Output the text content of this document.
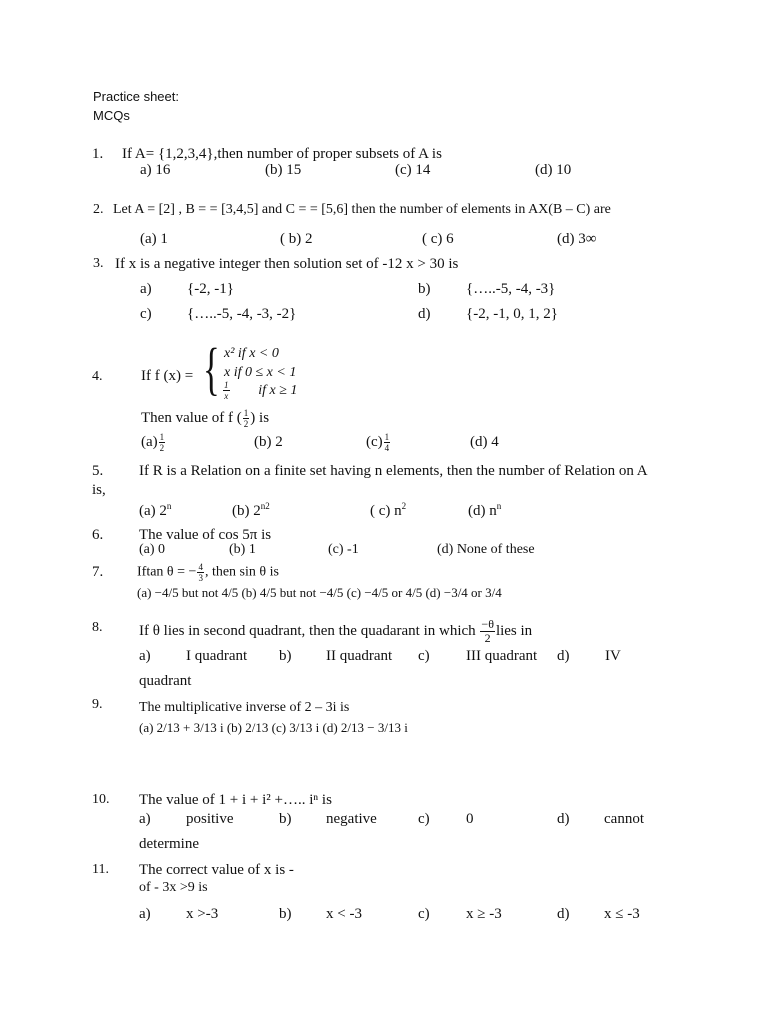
Practice sheet:
MCQs
1. If A= {1,2,3,4},then number of proper subsets of A is
a) 16	(b) 15	(c) 14	(d) 10
2. Let A = [2] , B = = [3,4,5] and C = = [5,6] then the number of elements in AX(B – C) are
(a) 1	( b) 2	( c) 6	(d) 3∞
3. If x is a negative integer then solution set of -12 x > 30 is
a) {-2, -1}	b) {…..-5, -4, -3}
c) {…..-5, -4, -3, -2}	d) {-2, -1, 0, 1, 2}
4.	If f (x) = { x² if x < 0
x if 0 ≤ x < 1
$\frac{1}{x}$ if x ≥ 1
Then value of f ( $\frac{1}{2}$ ) is
$(a) \frac{1}{2}$	(b) 2	$(c) \frac{1}{4}$	(d) 4
5. If R is a Relation on a finite set having n elements, then the number of Relation on A
is,
(a) 2$^n$	(b) $2^{n2}$	( c) $n^2$	(d) $n^n$
6. The value of cos 5π is
(a) 0	(b) 1	(c) -1	(d) None of these
7. Iftan θ = − $\frac{4}{3}$ , then sin θ is
(a) −4/5 but not 4/5 (b) 4/5 but not −4/5 (c) −4/5 or 4/5 (d) −3/4 or 3/4
8. If θ lies in second quadrant, then the quadarant in which $\frac{-\theta}{2}$ lies in
a) I quadrant b) II quadrant c) III quadrant d) IV
quadrant
9.	The multiplicative inverse of 2 – 3i is
(a) 2/13 + 3/13 i (b) 2/13 (c) 3/13 i (d) 2/13 − 3/13 i
10. The value of 1 + i + i² +….. iⁿ is
a) positive	b) negative	c) 0	d) cannot
determine
11. The correct value of x is -
of - 3x >9 is
a) x >-3	b) x < -3	c) x ≥ -3	d) x ≤ -3
